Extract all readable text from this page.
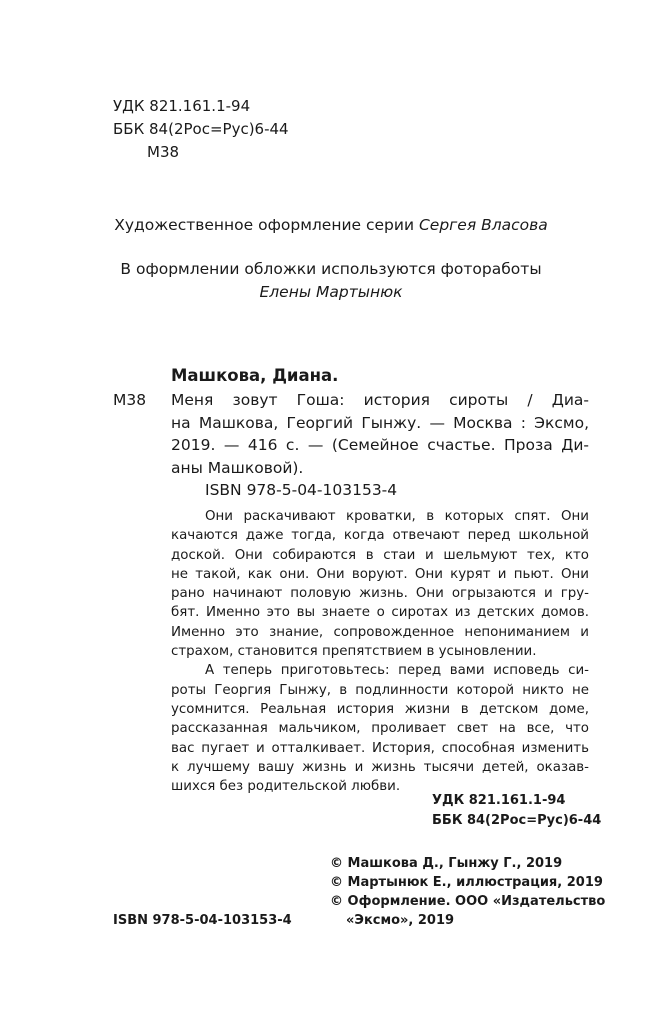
УДК 821.161.1-94
ББК 84(2Рос=Рус)6-44
М38
Художественное оформление серии Сергея Власова
В оформлении обложки используются фотоработы
Елены Мартынюк
Машкова, Диана.
М38 Меня зовут Гоша: история сироты / Диа-
на Машкова, Георгий Гынжу. — Москва : Эксмо,
2019. — 416 с. — (Семейное счастье. Проза Ди-
аны Машковой).
ISBN 978-5-04-103153-4
Они раскачивают кроватки, в которых спят. Они
качаются даже тогда, когда отвечают перед школьной
доской. Они собираются в стаи и шельмуют тех, кто
не такой, как они. Они воруют. Они курят и пьют. Они
рано начинают половую жизнь. Они огрызаются и гру-
бят. Именно это вы знаете о сиротах из детских домов.
Именно это знание, сопровожденное непониманием и
страхом, становится препятствием в усыновлении.
А теперь приготовьтесь: перед вами исповедь си-
роты Георгия Гынжу, в подлинности которой никто не
усомнится. Реальная история жизни в детском доме,
рассказанная мальчиком, проливает свет на все, что
вас пугает и отталкивает. История, способная изменить
к лучшему вашу жизнь и жизнь тысячи детей, оказав-
шихся без родительской любви.
УДК 821.161.1-94
ББК 84(2Рос=Рус)6-44
© Машкова Д., Гынжу Г., 2019
© Мартынюк Е., иллюстрация, 2019
© Оформление. ООО «Издательство
«Эксмо», 2019
ISBN 978-5-04-103153-4
